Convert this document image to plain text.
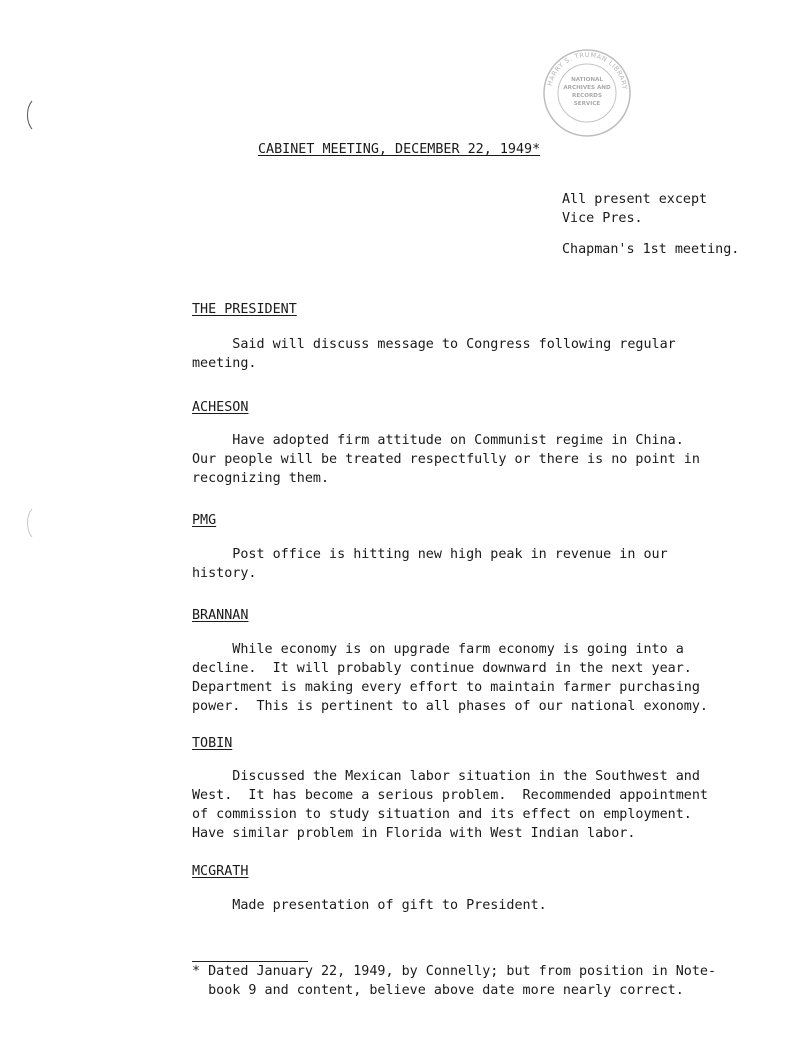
HARRY S. TRUMAN LIBRARY
NATIONAL
ARCHIVES AND
RECORDS
SERVICE
CABINET MEETING, DECEMBER 22, 1949*
All present except
Vice Pres.
Chapman's 1st meeting.
THE PRESIDENT
Said will discuss message to Congress following regular
meeting.
ACHESON
Have adopted firm attitude on Communist regime in China.
Our people will be treated respectfully or there is no point in
recognizing them.
PMG
Post office is hitting new high peak in revenue in our
history.
BRANNAN
While economy is on upgrade farm economy is going into a
decline.  It will probably continue downward in the next year.
Department is making every effort to maintain farmer purchasing
power.  This is pertinent to all phases of our national exonomy.
TOBIN
Discussed the Mexican labor situation in the Southwest and
West.  It has become a serious problem.  Recommended appointment
of commission to study situation and its effect on employment.
Have similar problem in Florida with West Indian labor.
MCGRATH
Made presentation of gift to President.
* Dated January 22, 1949, by Connelly; but from position in Note-
book 9 and content, believe above date more nearly correct.
